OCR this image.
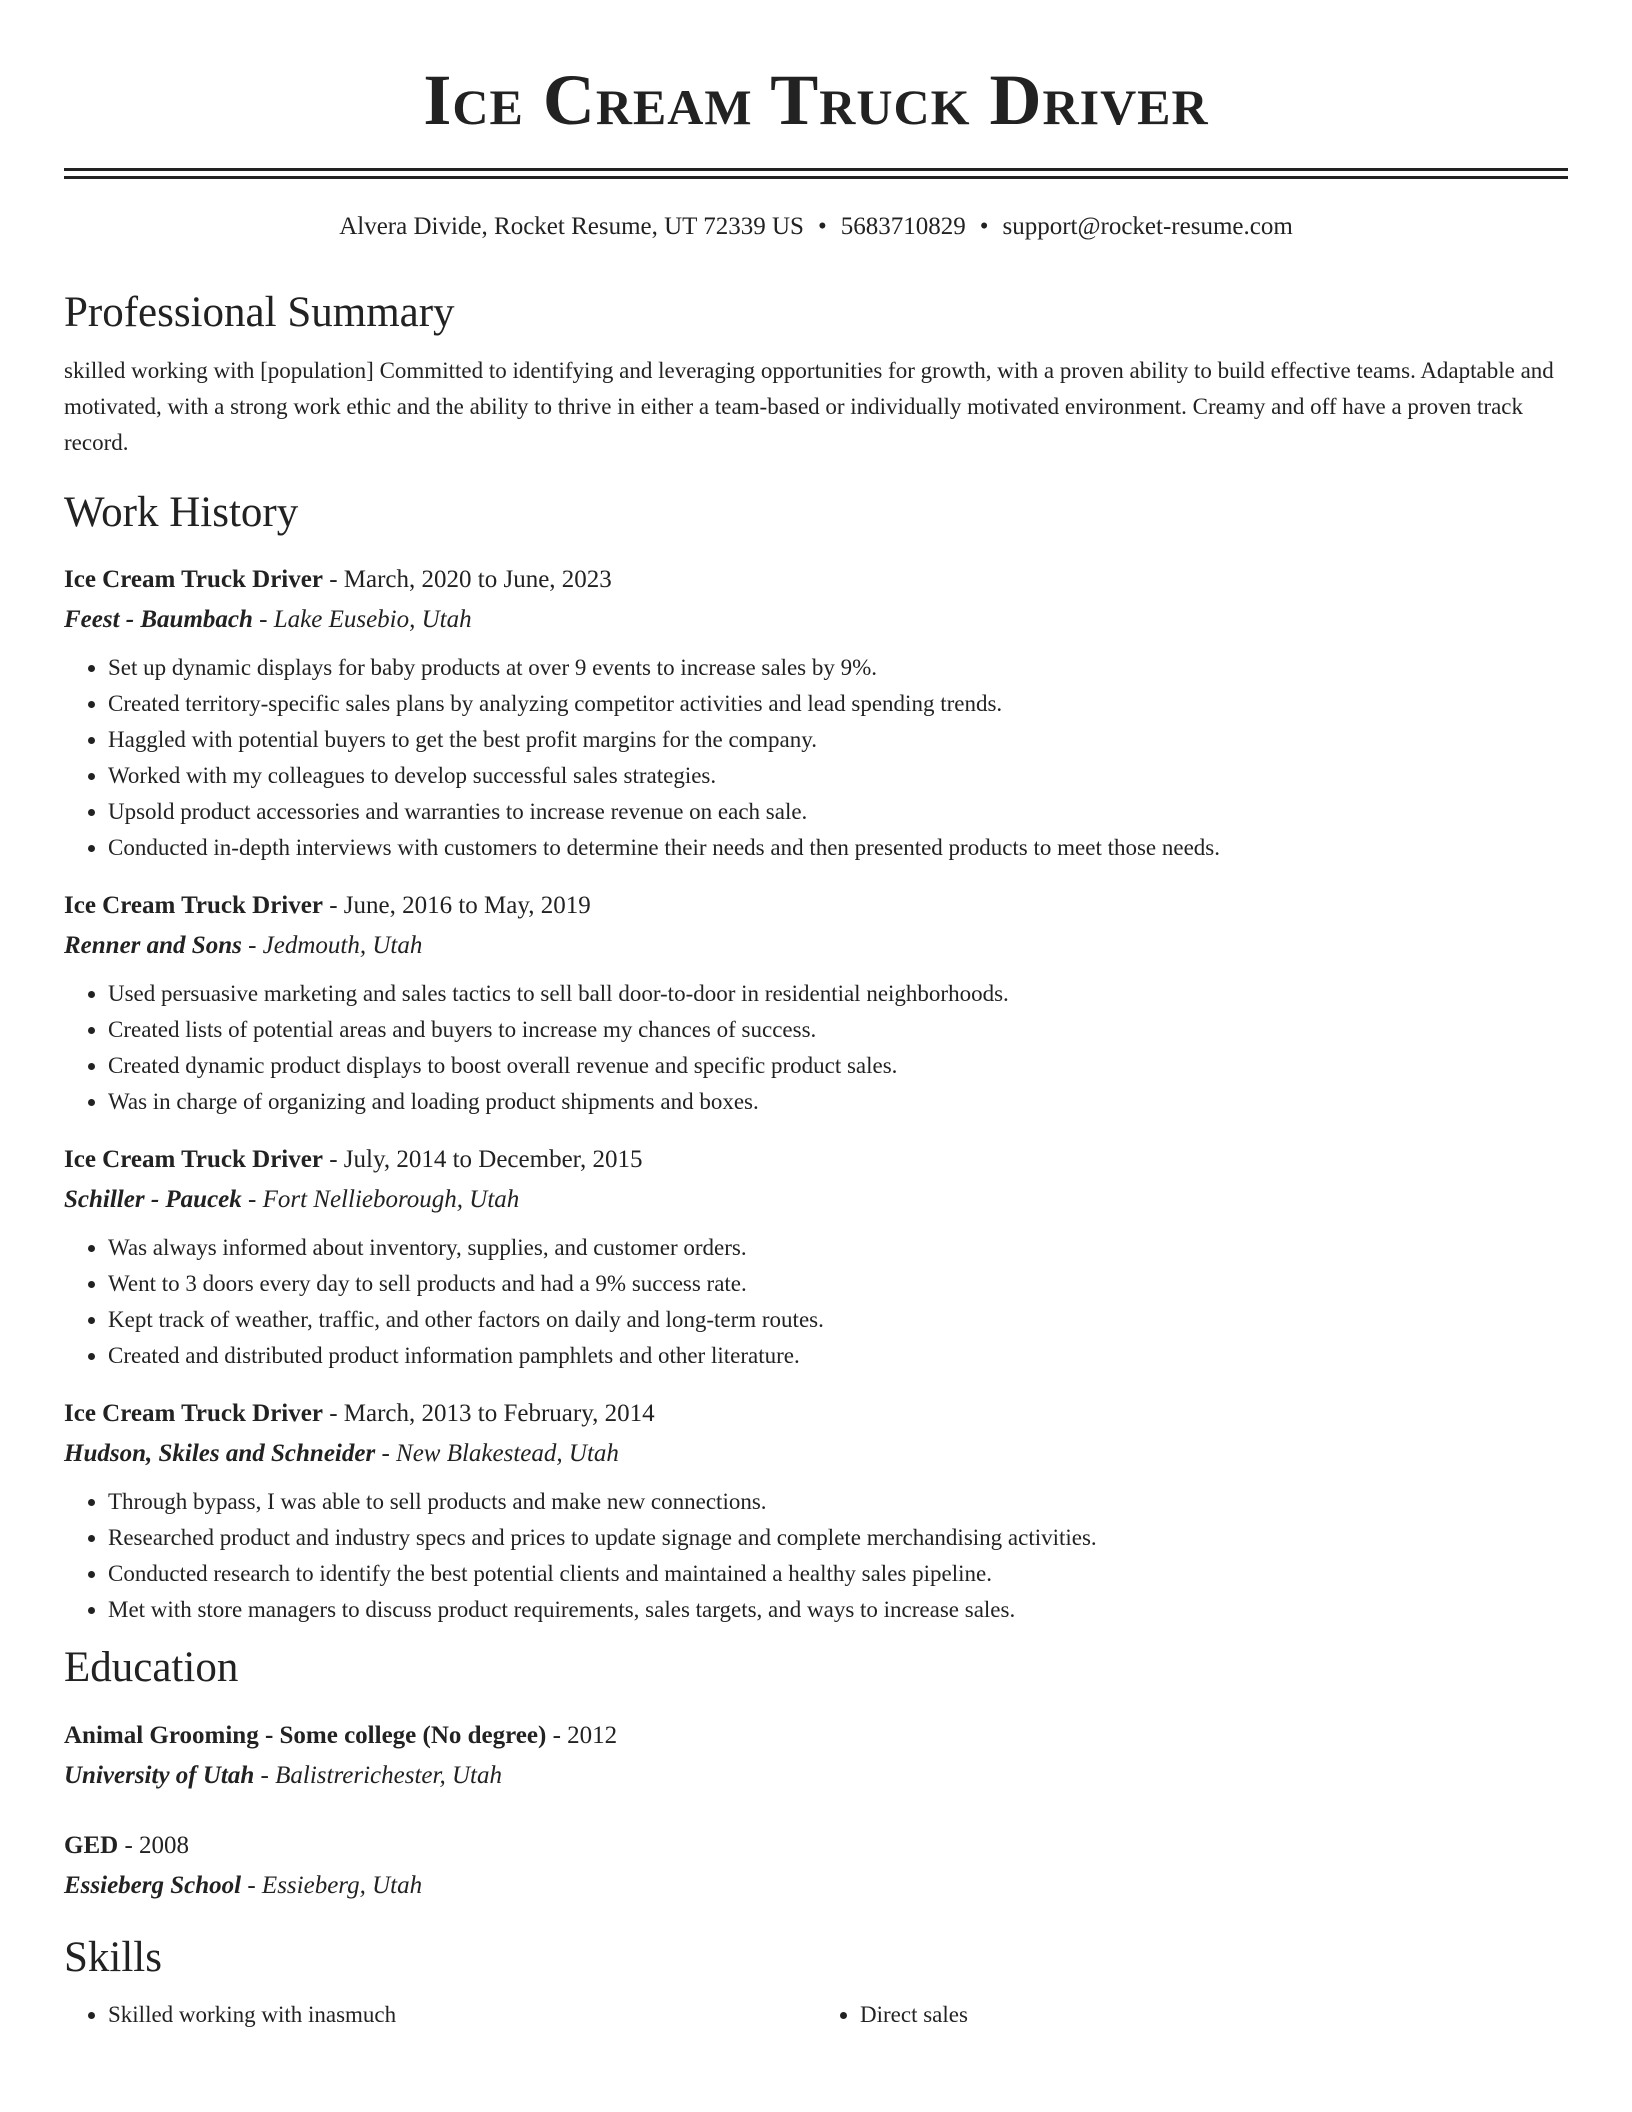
Ice Cream Truck Driver
Alvera Divide, Rocket Resume, UT 72339 US • 5683710829 • support@rocket-resume.com
Professional Summary
skilled working with [population] Committed to identifying and leveraging opportunities for growth, with a proven ability to build effective teams. Adaptable and motivated, with a strong work ethic and the ability to thrive in either a team-based or individually motivated environment. Creamy and off have a proven track record.
Work History
Ice Cream Truck Driver - March, 2020 to June, 2023
Feest - Baumbach - Lake Eusebio, Utah
• Set up dynamic displays for baby products at over 9 events to increase sales by 9%.
• Created territory-specific sales plans by analyzing competitor activities and lead spending trends.
• Haggled with potential buyers to get the best profit margins for the company.
• Worked with my colleagues to develop successful sales strategies.
• Upsold product accessories and warranties to increase revenue on each sale.
• Conducted in-depth interviews with customers to determine their needs and then presented products to meet those needs.
Ice Cream Truck Driver - June, 2016 to May, 2019
Renner and Sons - Jedmouth, Utah
• Used persuasive marketing and sales tactics to sell ball door-to-door in residential neighborhoods.
• Created lists of potential areas and buyers to increase my chances of success.
• Created dynamic product displays to boost overall revenue and specific product sales.
• Was in charge of organizing and loading product shipments and boxes.
Ice Cream Truck Driver - July, 2014 to December, 2015
Schiller - Paucek - Fort Nellieborough, Utah
• Was always informed about inventory, supplies, and customer orders.
• Went to 3 doors every day to sell products and had a 9% success rate.
• Kept track of weather, traffic, and other factors on daily and long-term routes.
• Created and distributed product information pamphlets and other literature.
Ice Cream Truck Driver - March, 2013 to February, 2014
Hudson, Skiles and Schneider - New Blakestead, Utah
• Through bypass, I was able to sell products and make new connections.
• Researched product and industry specs and prices to update signage and complete merchandising activities.
• Conducted research to identify the best potential clients and maintained a healthy sales pipeline.
• Met with store managers to discuss product requirements, sales targets, and ways to increase sales.
Education
Animal Grooming - Some college (No degree) - 2012
University of Utah - Balistrerichester, Utah
GED - 2008
Essieberg School - Essieberg, Utah
Skills
• Skilled working with inasmuch
•	Direct sales
